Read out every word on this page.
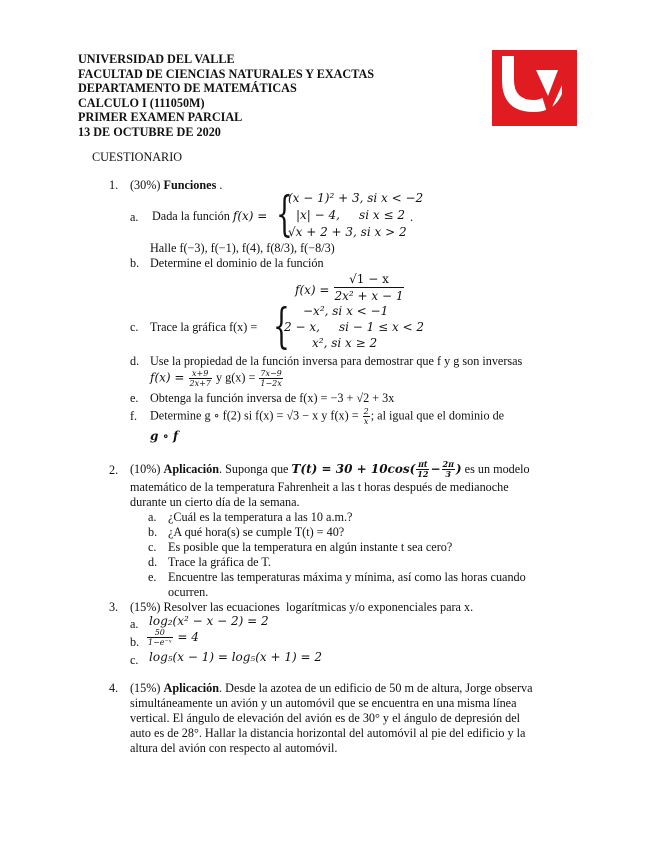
UNIVERSIDAD DEL VALLE
FACULTAD DE CIENCIAS NATURALES Y EXACTAS
DEPARTAMENTO DE MATEMÁTICAS
CALCULO I (111050M)
PRIMER EXAMEN PARCIAL
13 DE OCTUBRE DE 2020
CUESTIONARIO
1. (30%) Funciones .
a. Dada la función f(x) = {
(x − 1)² + 3, si x < −2
|x| − 4,     si x ≤ 2
√x + 2 + 3, si x > 2
.
Halle f(−3), f(−1), f(4), f(8/3), f(−8/3)
b. Determine el dominio de la función
f(x) =
√1 − x
2x² + x − 1
c. Trace la gráfica f(x) = { −x², si x < −1
2 − x,     si − 1 ≤ x < 2
x², si x ≥ 2
d. Use la propiedad de la función inversa para demostrar que f y g son inversas
$f(x) = \frac{x+9}{2x+7}$ y $g(x) = \frac{7x-9}{1-2x}$
e. Obtenga la función inversa de f(x) = −3 + √2 + 3x
f. Determine g ∘ f(2) si f(x) = √3 − x y $f(x) = \frac{2}{x}$ ; al igual que el dominio de
g ∘ f
2. (10%) Aplicación. Suponga que $T(t) = 30 + 10\cos( \frac{\pi t}{12} - \frac{2\pi}{3}$ ) es un modelo
matemático de la temperatura Fahrenheit a las t horas después de medianoche
durante un cierto día de la semana.
a. ¿Cuál es la temperatura a las 10 a.m.?
b. ¿A qué hora(s) se cumple T(t) = 40?
c. Es posible que la temperatura en algún instante t sea cero?
d. Trace la gráfica de T.
e. Encuentre las temperaturas máxima y mínima, así como las horas cuando
ocurren.
3. (15%) Resolver las ecuaciones  logarítmicas y/o exponenciales para x.
a. log₂(x² − x − 2) = 2
b. $\frac{50}{\text{1−e⁻ˣ}} = 4$
c. log₅(x − 1) = log₅(x + 1) = 2
4. (15%) Aplicación. Desde la azotea de un edificio de 50 m de altura, Jorge observa
simultáneamente un avión y un automóvil que se encuentra en una misma línea
vertical. El ángulo de elevación del avión es de 30° y el ángulo de depresión del
auto es de 28°. Hallar la distancia horizontal del automóvil al pie del edificio y la
altura del avión con respecto al automóvil.
